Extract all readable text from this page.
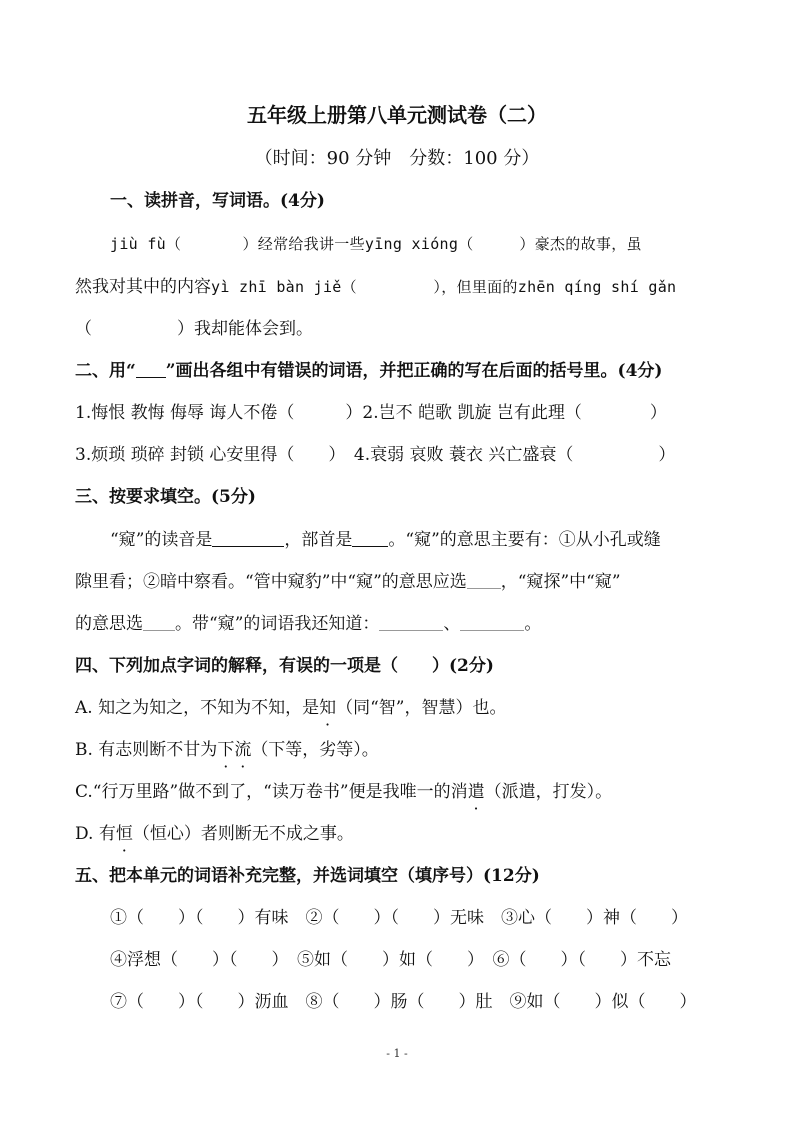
五年级上册第八单元测试卷（二）
（时间：90 分钟　分数：100 分）
一、读拼音，写词语。(4分)
jiù fù（　　　　）经常给我讲一些yīng xióng（　　　）豪杰的故事，虽
然我对其中的内容yì zhī bàn jiě（　　　　　），但里面的zhēn qíng shí gǎn
（　　　　　）我却能体会到。
二、用“ ”画出各组中有错误的词语，并把正确的写在后面的括号里。(4分)
1.悔恨 教悔 侮辱 诲人不倦（　　　）2.岂不 皑歌 凯旋 岂有此理（　　　　）
3.烦琐 琐碎 封锁 心安里得（　　）　4.衰弱 哀败 蓑衣 兴亡盛衰（　　　　　）
三、按要求填空。(5分)
“窥”的读音是	，部首是 。“窥”的意思主要有：①从小孔或缝
隙里看；②暗中察看。“管中窥豹”中“窥”的意思应选 ，“窥探”中“窥”
的意思选 。带“窥”的词语我还知道：	、	。
四、下列加点字词的解释，有误的一项是（　　）(2分)
A. 知之为知之，不知为不知，是知（同“智”，智慧）也。
B. 有志则断不甘为下流（下等，劣等）。
C.“行万里路”做不到了，“读万卷书”便是我唯一的消遣（派遣，打发）。
D. 有恒（恒心）者则断无不成之事。
五、把本单元的词语补充完整，并选词填空（填序号）(12分)
①（　　）（　　）有味　②（　　）（　　）无味　③心（　　）神（　　）
④浮想（　　）（　　）　⑤如（　　）如（　　）　⑥（　　）（　　）不忘
⑦（　　）（　　）沥血　⑧（　　）肠（　　）肚　⑨如（　　）似（　　）
- 1 -
